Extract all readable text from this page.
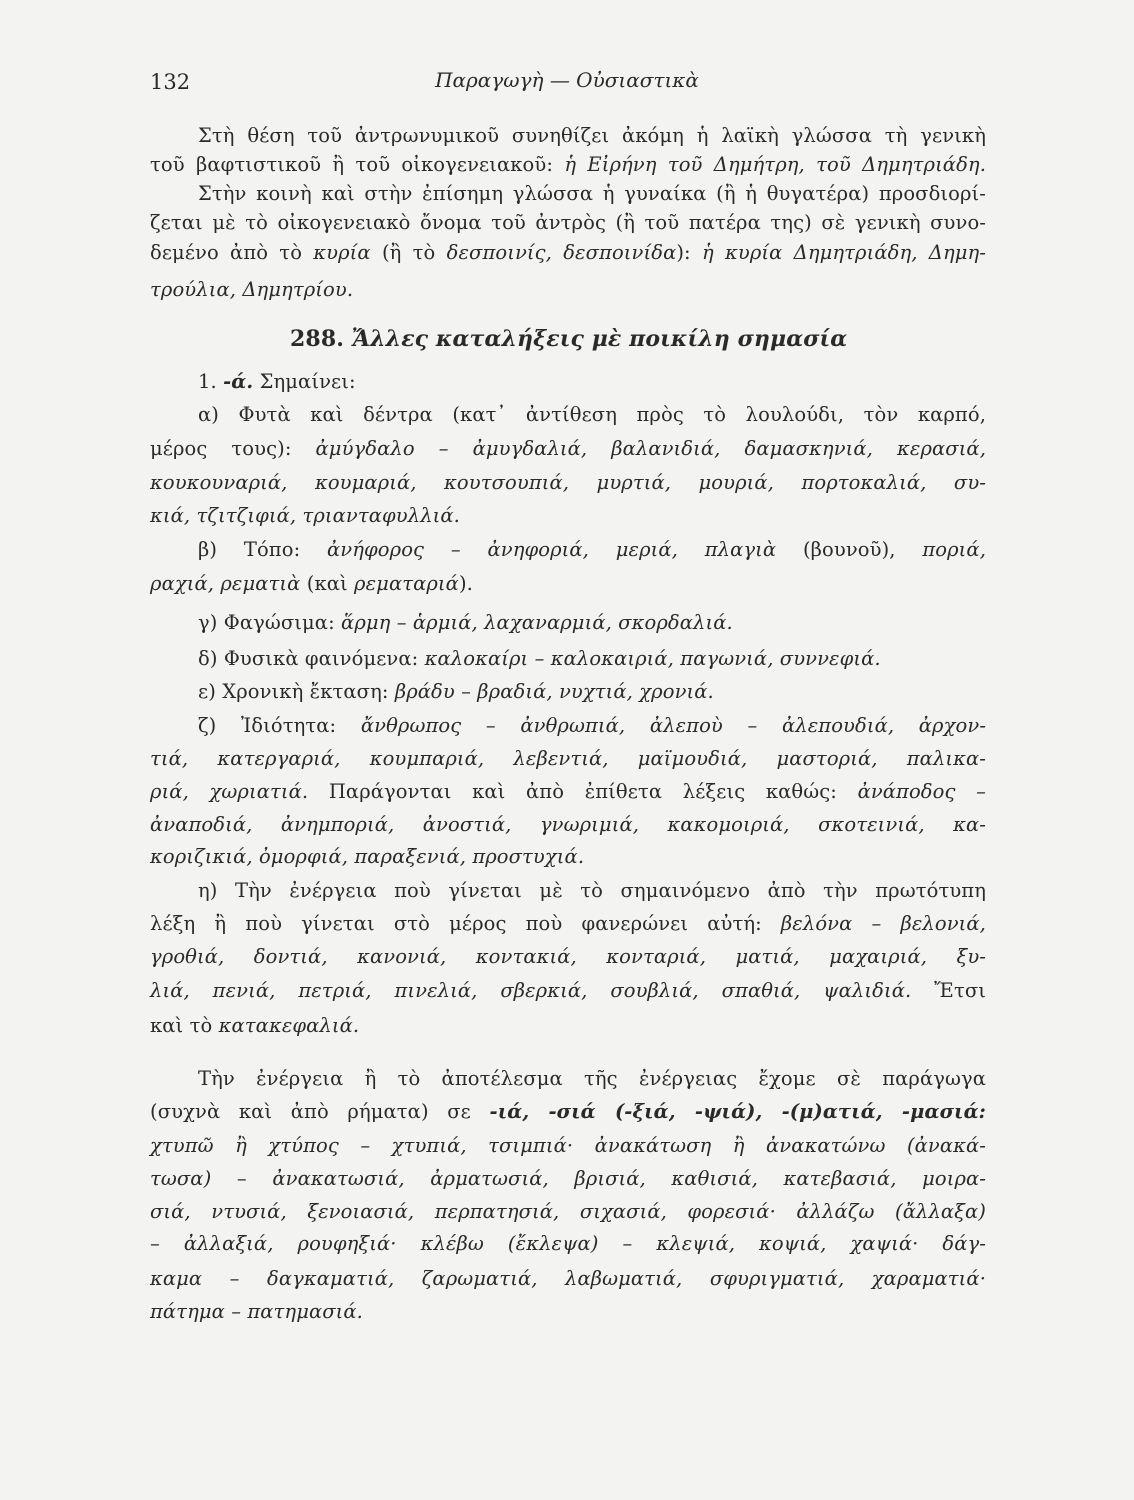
132	Παραγωγὴ — Οὐσιαστικὰ
Στὴ θέση τοῦ ἀντρωνυμικοῦ συνηθίζει ἀκόμη ἡ λαϊκὴ γλώσσα τὴ γενικὴ
τοῦ βαφτιστικοῦ ἢ τοῦ οἰκογενειακοῦ: ἡ Εἰρήνη τοῦ Δημήτρη, τοῦ Δημητριάδη.
Στὴν κοινὴ καὶ στὴν ἐπίσημη γλώσσα ἡ γυναίκα (ἢ ἡ θυγατέρα) προσδιορί-
ζεται μὲ τὸ οἰκογενειακὸ ὄνομα τοῦ ἀντρὸς (ἢ τοῦ πατέρα της) σὲ γενικὴ συνο-
δεμένο ἀπὸ τὸ κυρία (ἢ τὸ δεσποινίς, δεσποινίδα): ἡ κυρία Δημητριάδη, Δημη-
τρούλια, Δημητρίου.
288. Ἄλλες καταλήξεις μὲ ποικίλη σημασία
1. -ά. Σημαίνει:
α) Φυτὰ καὶ δέντρα (κατ᾽ ἀντίθεση πρὸς τὸ λουλούδι, τὸν καρπό,
μέρος τους): ἀμύγδαλο – ἀμυγδαλιά, βαλανιδιά, δαμασκηνιά, κερασιά,
κουκουναριά, κουμαριά, κουτσουπιά, μυρτιά, μουριά, πορτοκαλιά, συ-
κιά, τζιτζιφιά, τριανταφυλλιά.
β) Τόπο: ἀνήφορος – ἀνηφοριά, μεριά, πλαγιὰ (βουνοῦ), ποριά,
ραχιά, ρεματιὰ (καὶ ρεματαριά).
γ) Φαγώσιμα: ἅρμη – ἁρμιά, λαχαναρμιά, σκορδαλιά.
δ) Φυσικὰ φαινόμενα: καλοκαίρι – καλοκαιριά, παγωνιά, συννεφιά.
ε) Χρονικὴ ἔκταση: βράδυ – βραδιά, νυχτιά, χρονιά.
ζ) Ἰδιότητα: ἄνθρωπος – ἀνθρωπιά, ἀλεποὺ – ἀλεπουδιά, ἀρχον-
τιά, κατεργαριά, κουμπαριά, λεβεντιά, μαϊμουδιά, μαστοριά, παλικα-
ριά, χωριατιά. Παράγονται καὶ ἀπὸ ἐπίθετα λέξεις καθώς: ἀνάποδος –
ἀναποδιά, ἀνημποριά, ἀνοστιά, γνωριμιά, κακομοιριά, σκοτεινιά, κα-
κοριζικιά, ὀμορφιά, παραξενιά, προστυχιά.
η) Τὴν ἐνέργεια ποὺ γίνεται μὲ τὸ σημαινόμενο ἀπὸ τὴν πρωτότυπη
λέξη ἢ ποὺ γίνεται στὸ μέρος ποὺ φανερώνει αὐτή: βελόνα – βελονιά,
γροθιά, δοντιά, κανονιά, κοντακιά, κονταριά, ματιά, μαχαιριά, ξυ-
λιά, πενιά, πετριά, πινελιά, σβερκιά, σουβλιά, σπαθιά, ψαλιδιά. Ἔτσι
καὶ τὸ κατακεφαλιά.
Τὴν ἐνέργεια ἢ τὸ ἀποτέλεσμα τῆς ἐνέργειας ἔχομε σὲ παράγωγα
(συχνὰ καὶ ἀπὸ ρήματα) σε -ιά, -σιά (-ξιά, -ψιά), -(μ)ατιά, -μασιά:
χτυπῶ ἢ χτύπος – χτυπιά, τσιμπιά· ἀνακάτωση ἢ ἀνακατώνω (ἀνακά-
τωσα) – ἀνακατωσιά, ἀρματωσιά, βρισιά, καθισιά, κατεβασιά, μοιρα-
σιά, ντυσιά, ξενοιασιά, περπατησιά, σιχασιά, φορεσιά· ἀλλάζω (ἄλλαξα)
– ἀλλαξιά, ρουφηξιά· κλέβω (ἔκλεψα) – κλεψιά, κοψιά, χαψιά· δάγ-
καμα – δαγκαματιά, ζαρωματιά, λαβωματιά, σφυριγματιά, χαραματιά·
πάτημα – πατημασιά.
